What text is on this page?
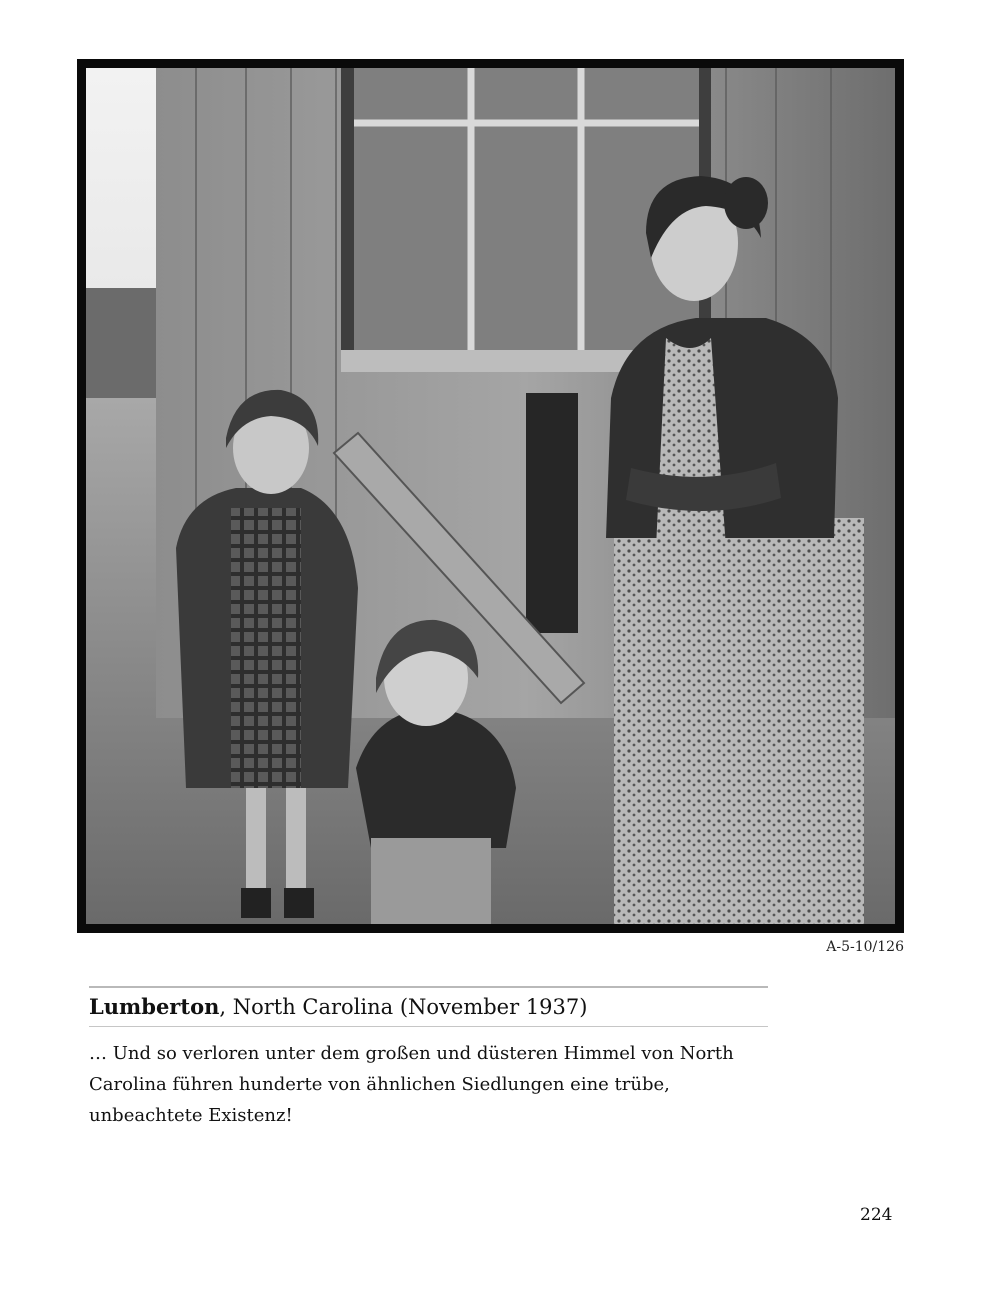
A-5-10/126
Lumberton, North Carolina (November 1937)
… Und so verloren unter dem großen und düsteren Himmel von North Carolina führen hunderte von ähnlichen Siedlungen eine trübe, unbeachtete Existenz!
224
